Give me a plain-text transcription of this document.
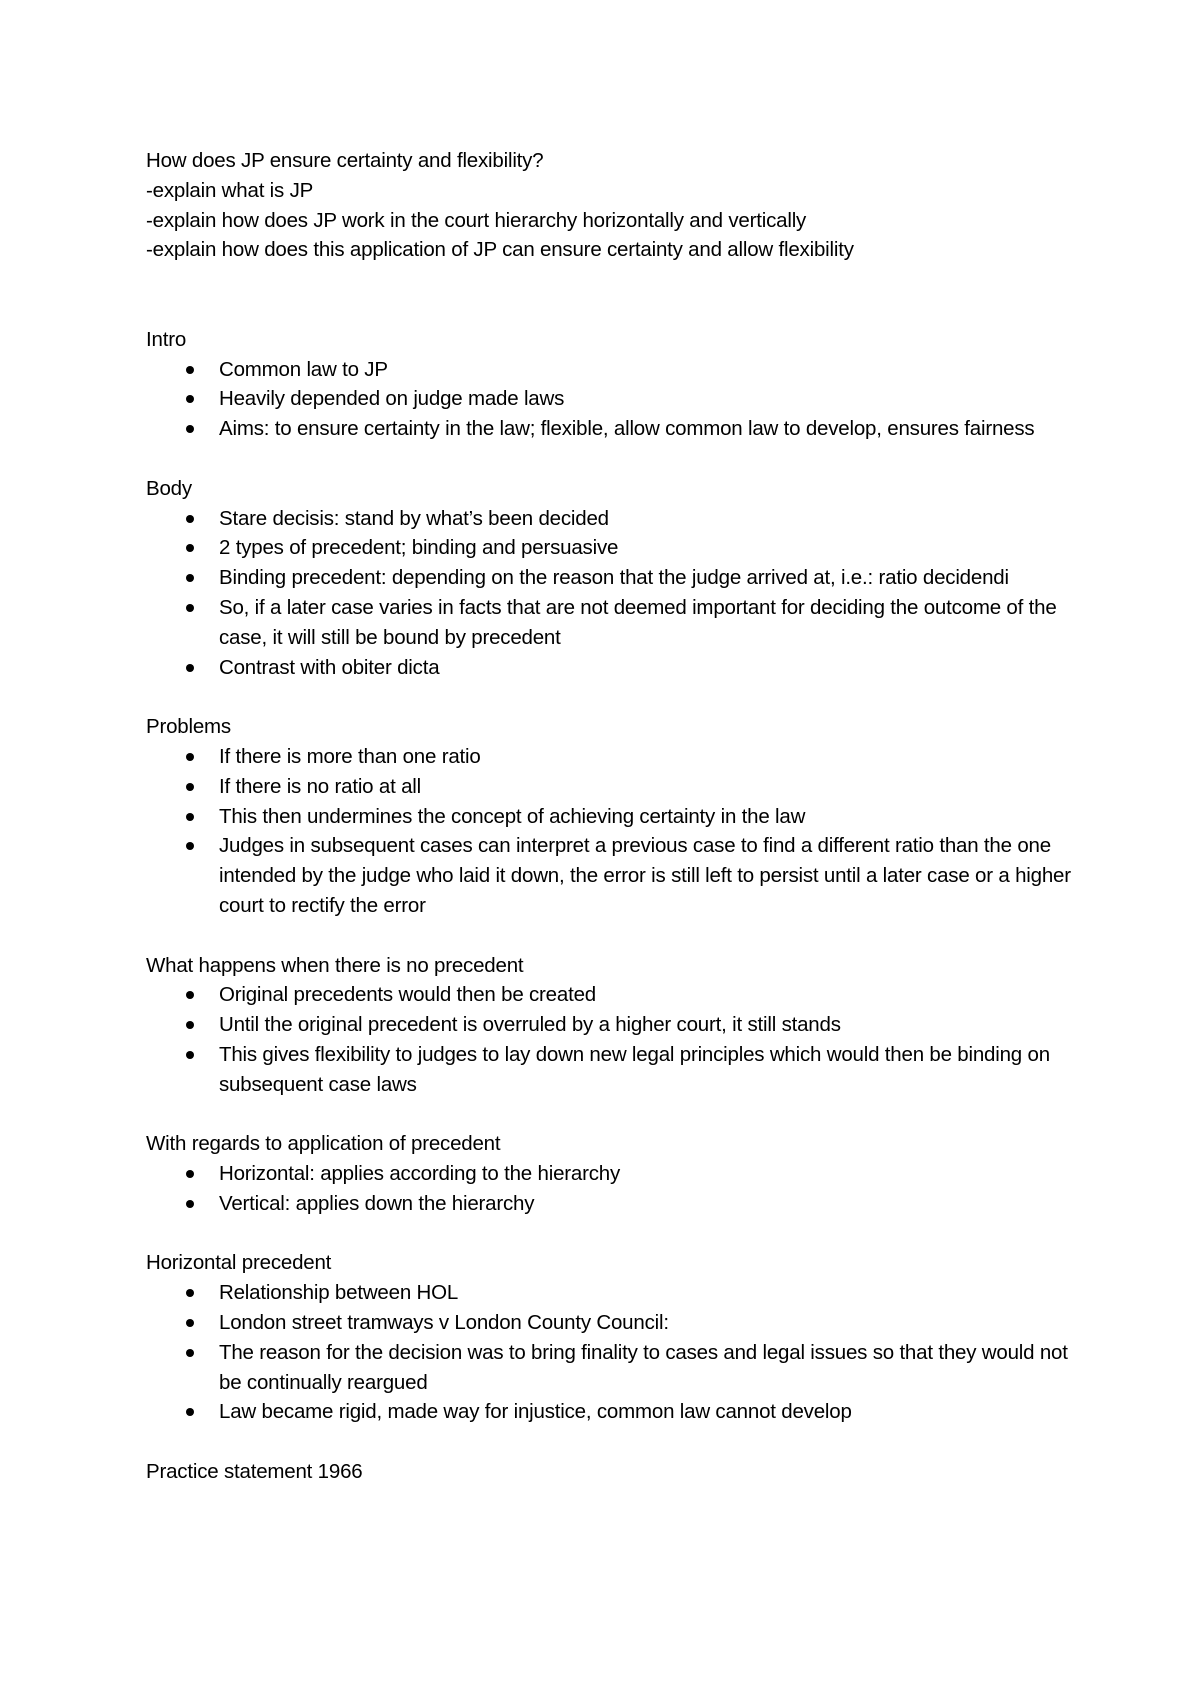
How does JP ensure certainty and flexibility?
-explain what is JP
-explain how does JP work in the court hierarchy horizontally and vertically
-explain how does this application of JP can ensure certainty and allow flexibility
Intro
Common law to JP
Heavily depended on judge made laws
Aims: to ensure certainty in the law; flexible, allow common law to develop, ensures fairness
Body
Stare decisis: stand by what’s been decided
2 types of precedent; binding and persuasive
Binding precedent: depending on the reason that the judge arrived at, i.e.: ratio decidendi
So, if a later case varies in facts that are not deemed important for deciding the outcome of the case, it will still be bound by precedent
Contrast with obiter dicta
Problems
If there is more than one ratio
If there is no ratio at all
This then undermines the concept of achieving certainty in the law
Judges in subsequent cases can interpret a previous case to find a different ratio than the one intended by the judge who laid it down, the error is still left to persist until a later case or a higher court to rectify the error
What happens when there is no precedent
Original precedents would then be created
Until the original precedent is overruled by a higher court, it still stands
This gives flexibility to judges to lay down new legal principles which would then be binding on subsequent case laws
With regards to application of precedent
Horizontal: applies according to the hierarchy
Vertical: applies down the hierarchy
Horizontal precedent
Relationship between HOL
London street tramways v London County Council:
The reason for the decision was to bring finality to cases and legal issues so that they would not be continually reargued
Law became rigid, made way for injustice, common law cannot develop
Practice statement 1966
